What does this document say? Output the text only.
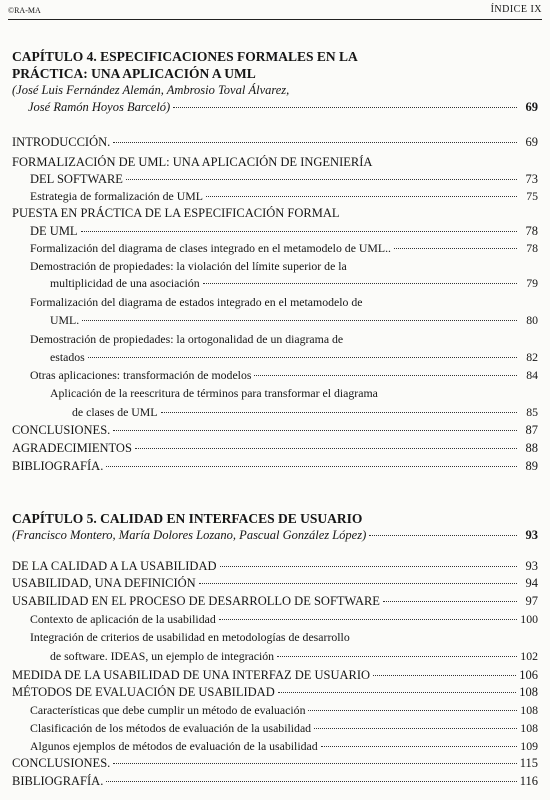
©RA-MA	ÍNDICE IX
CAPÍTULO 4. ESPECIFICACIONES FORMALES EN LA
PRÁCTICA: UNA APLICACIÓN A UML
(José Luis Fernández Alemán, Ambrosio Toval Álvarez,
José Ramón Hoyos Barceló)	69
INTRODUCCIÓN.	69
FORMALIZACIÓN DE UML: UNA APLICACIÓN DE INGENIERÍA
DEL SOFTWARE	73
Estrategia de formalización de UML	75
PUESTA EN PRÁCTICA DE LA ESPECIFICACIÓN FORMAL
DE UML	78
Formalización del diagrama de clases integrado en el metamodelo de UML..	78
Demostración de propiedades: la violación del límite superior de la
multiplicidad de una asociación	79
Formalización del diagrama de estados integrado en el metamodelo de
UML.	80
Demostración de propiedades: la ortogonalidad de un diagrama de
estados	82
Otras aplicaciones: transformación de modelos	84
Aplicación de la reescritura de términos para transformar el diagrama
de clases de UML	85
CONCLUSIONES.	87
AGRADECIMIENTOS	88
BIBLIOGRAFÍA.	89
CAPÍTULO 5. CALIDAD EN INTERFACES DE USUARIO
(Francisco Montero, María Dolores Lozano, Pascual González López)	93
DE LA CALIDAD A LA USABILIDAD	93
USABILIDAD, UNA DEFINICIÓN	94
USABILIDAD EN EL PROCESO DE DESARROLLO DE SOFTWARE	97
Contexto de aplicación de la usabilidad	100
Integración de criterios de usabilidad en metodologías de desarrollo
de software. IDEAS, un ejemplo de integración	102
MEDIDA DE LA USABILIDAD DE UNA INTERFAZ DE USUARIO	106
MÉTODOS DE EVALUACIÓN DE USABILIDAD	108
Características que debe cumplir un método de evaluación	108
Clasificación de los métodos de evaluación de la usabilidad	108
Algunos ejemplos de métodos de evaluación de la usabilidad	109
CONCLUSIONES.	115
BIBLIOGRAFÍA.	116
